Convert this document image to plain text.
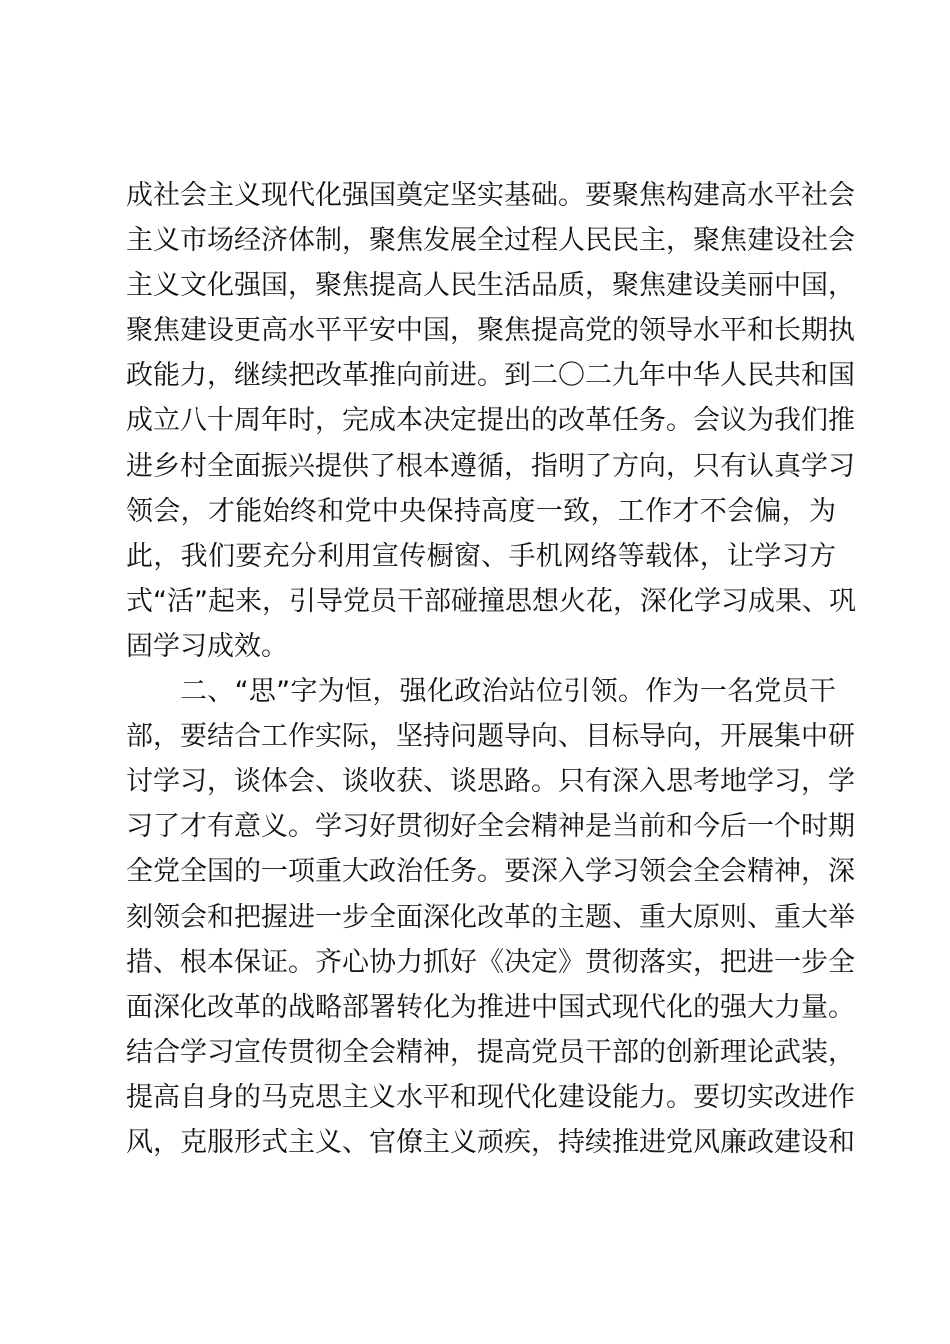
成社会主义现代化强国奠定坚实基础。要聚焦构建高水平社会
主义市场经济体制，聚焦发展全过程人民民主，聚焦建设社会
主义文化强国，聚焦提高人民生活品质，聚焦建设美丽中国，
聚焦建设更高水平平安中国，聚焦提高党的领导水平和长期执
政能力，继续把改革推向前进。到二〇二九年中华人民共和国
成立八十周年时，完成本决定提出的改革任务。会议为我们推
进乡村全面振兴提供了根本遵循，指明了方向，只有认真学习
领会，才能始终和党中央保持高度一致，工作才不会偏，为
此，我们要充分利用宣传橱窗、手机网络等载体，让学习方
式“活”起来，引导党员干部碰撞思想火花，深化学习成果、巩
固学习成效。
二、“思”字为恒，强化政治站位引领。作为一名党员干
部，要结合工作实际，坚持问题导向、目标导向，开展集中研
讨学习，谈体会、谈收获、谈思路。只有深入思考地学习，学
习了才有意义。学习好贯彻好全会精神是当前和今后一个时期
全党全国的一项重大政治任务。要深入学习领会全会精神，深
刻领会和把握进一步全面深化改革的主题、重大原则、重大举
措、根本保证。齐心协力抓好《决定》贯彻落实，把进一步全
面深化改革的战略部署转化为推进中国式现代化的强大力量。
结合学习宣传贯彻全会精神，提高党员干部的创新理论武装，
提高自身的马克思主义水平和现代化建设能力。要切实改进作
风，克服形式主义、官僚主义顽疾，持续推进党风廉政建设和
